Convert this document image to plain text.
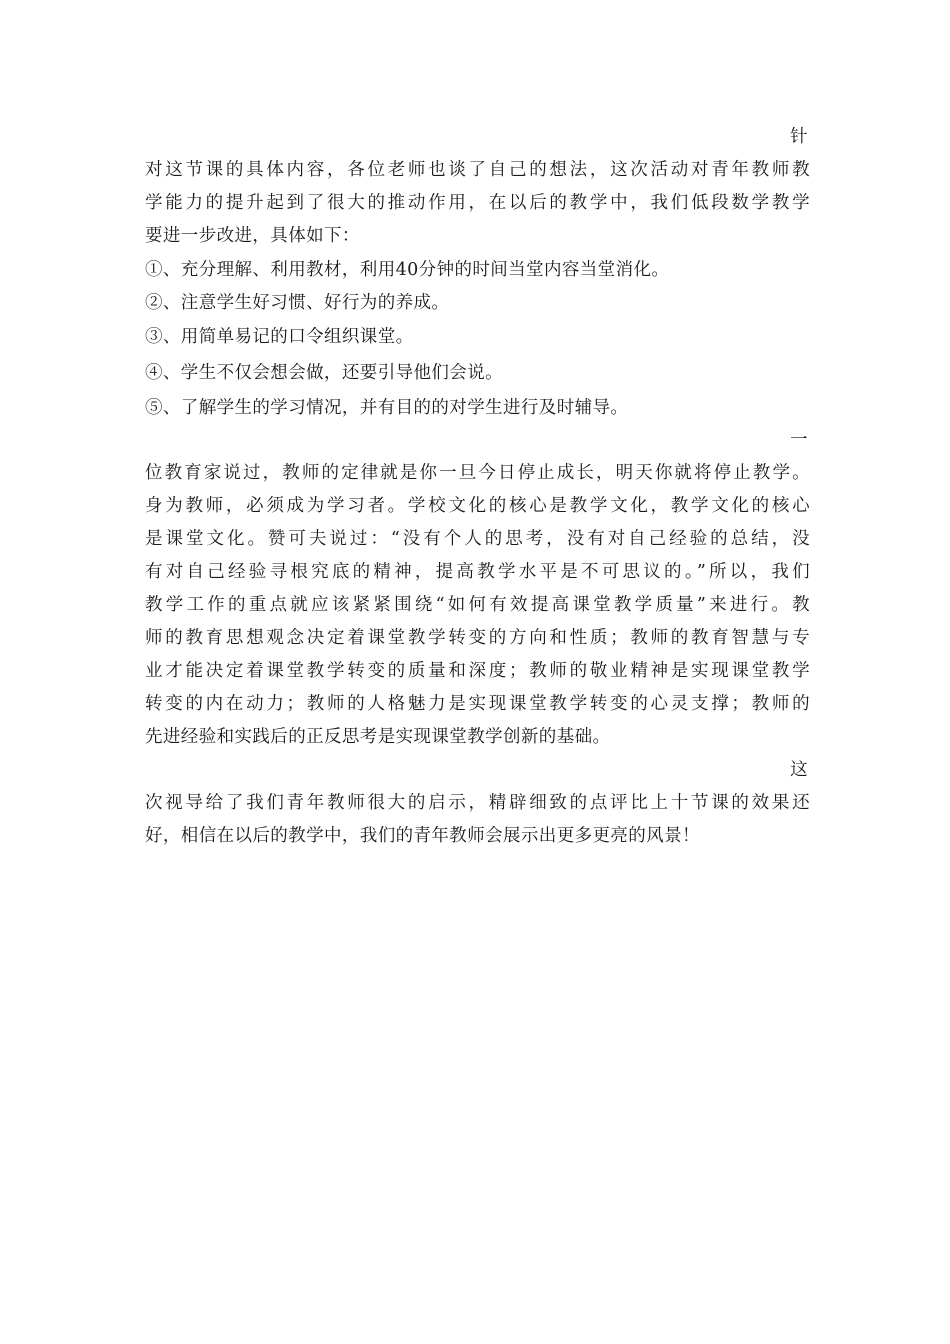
针
对这节课的具体内容，各位老师也谈了自己的想法，这次活动对青年教师教
学能力的提升起到了很大的推动作用，在以后的教学中，我们低段数学教学
要进一步改进，具体如下：
①、充分理解、利用教材，利用40分钟的时间当堂内容当堂消化。
②、注意学生好习惯、好行为的养成。
③、用简单易记的口令组织课堂。
④、学生不仅会想会做，还要引导他们会说。
⑤、了解学生的学习情况，并有目的的对学生进行及时辅导。
一
位教育家说过，教师的定律就是你一旦今日停止成长，明天你就将停止教学。
身为教师，必须成为学习者。学校文化的核心是教学文化，教学文化的核心
是课堂文化。赞可夫说过：“没有个人的思考，没有对自己经验的总结，没
有对自己经验寻根究底的精神，提高教学水平是不可思议的。”所以，我们
教学工作的重点就应该紧紧围绕“如何有效提高课堂教学质量”来进行。教
师的教育思想观念决定着课堂教学转变的方向和性质；教师的教育智慧与专
业才能决定着课堂教学转变的质量和深度；教师的敬业精神是实现课堂教学
转变的内在动力；教师的人格魅力是实现课堂教学转变的心灵支撑；教师的
先进经验和实践后的正反思考是实现课堂教学创新的基础。
这
次视导给了我们青年教师很大的启示，精辟细致的点评比上十节课的效果还
好，相信在以后的教学中，我们的青年教师会展示出更多更亮的风景！
